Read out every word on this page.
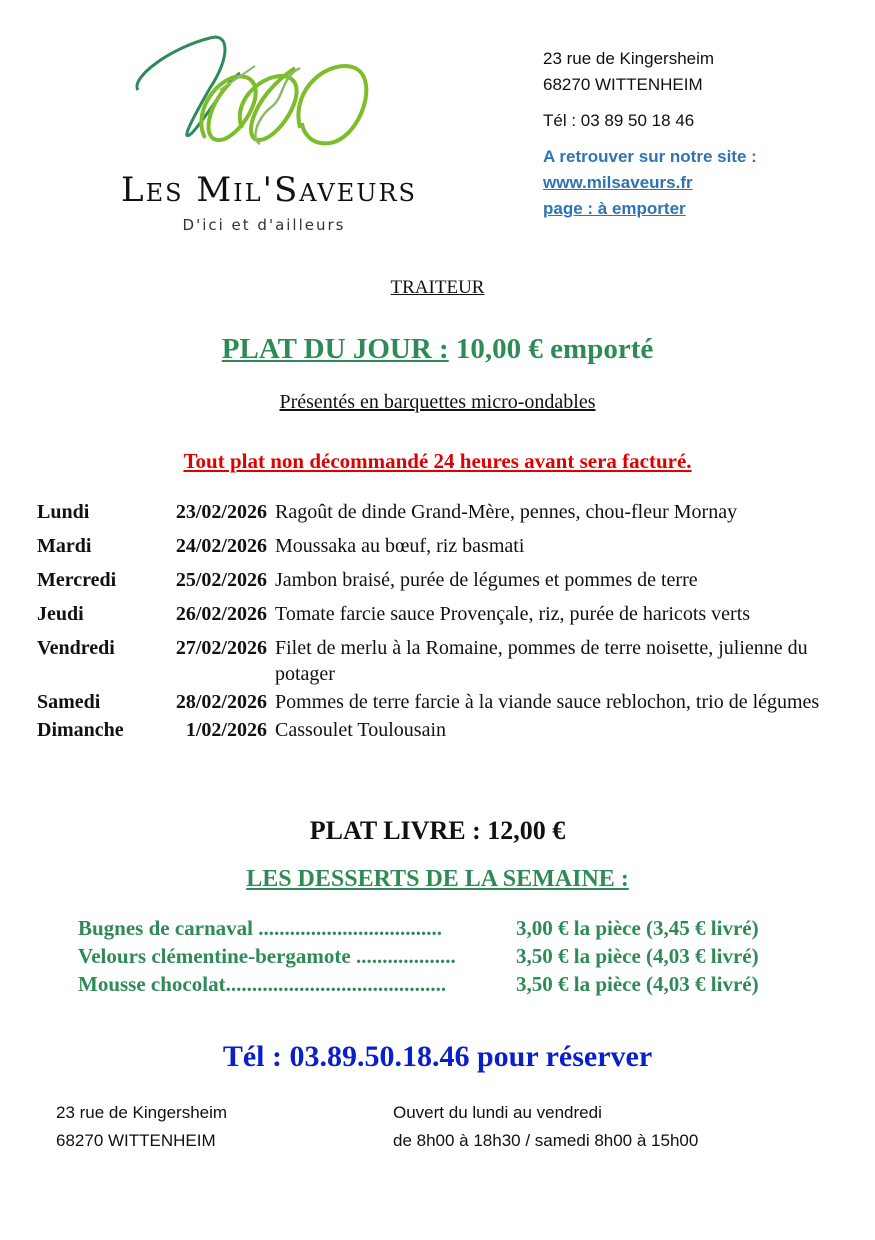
Les Mil'Saveurs
D'ici et d'ailleurs
23 rue de Kingersheim
68270 WITTENHEIM
Tél : 03 89 50 18 46
A retrouver sur notre site :
www.milsaveurs.fr
page : à emporter
TRAITEUR
PLAT DU JOUR : 10,00 € emporté
Présentés en barquettes micro-ondables
Tout plat non décommandé 24 heures avant sera facturé.
Lundi	23/02/2026 Ragoût de dinde Grand-Mère, pennes, chou-fleur Mornay
Mardi	24/02/2026 Moussaka au bœuf, riz basmati
Mercredi	25/02/2026 Jambon braisé, purée de légumes et pommes de terre
Jeudi	26/02/2026 Tomate farcie sauce Provençale, riz, purée de haricots verts
Vendredi	27/02/2026 Filet de merlu à la Romaine, pommes de terre noisette, julienne du potager
Samedi	28/02/2026 Pommes de terre farcie à la viande sauce reblochon, trio de légumes
Dimanche	1/02/2026 Cassoulet Toulousain
PLAT LIVRE : 12,00 €
LES DESSERTS DE LA SEMAINE :
Bugnes de carnaval ...................................	3,00 € la pièce (3,45 € livré)
Velours clémentine-bergamote ...................	3,50 € la pièce (4,03 € livré)
Mousse chocolat..........................................	3,50 € la pièce (4,03 € livré)
Tél : 03.89.50.18.46 pour réserver
23 rue de Kingersheim
68270 WITTENHEIM
Ouvert du lundi au vendredi
de 8h00 à 18h30 / samedi 8h00 à 15h00
